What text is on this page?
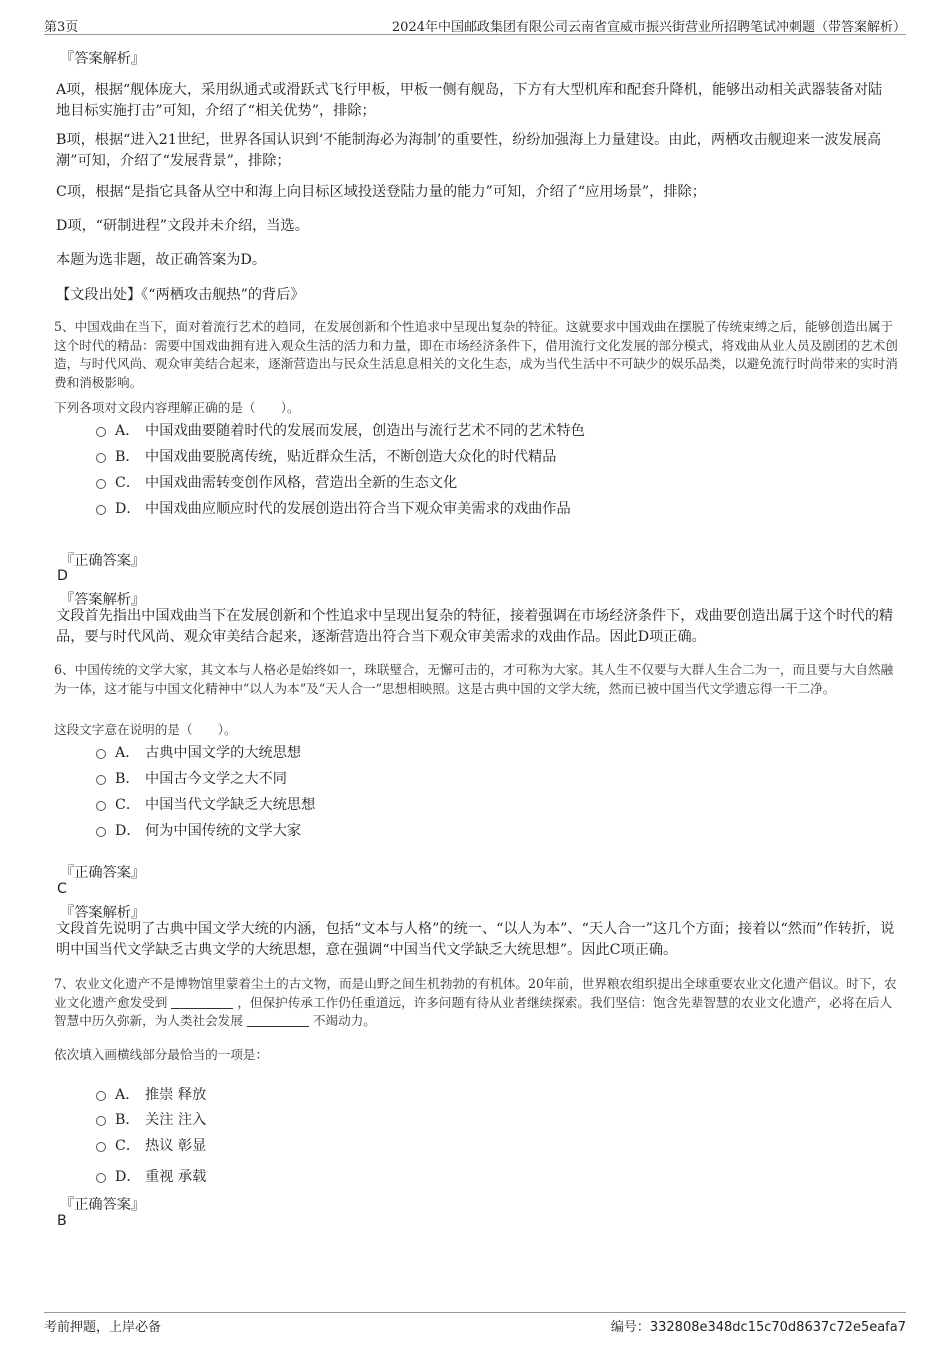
第3页	2024年中国邮政集团有限公司云南省宣威市振兴街营业所招聘笔试冲刺题（带答案解析）
『答案解析』
A项，根据“舰体庞大，采用纵通式或滑跃式飞行甲板，甲板一侧有舰岛，下方有大型机库和配套升降机，能够出动相关武器装备对陆地目标实施打击”可知，介绍了“相关优势”，排除；
B项，根据“进入21世纪，世界各国认识到‘不能制海必为海制’的重要性，纷纷加强海上力量建设。由此，两栖攻击舰迎来一波发展高潮”可知，介绍了“发展背景”，排除；
C项，根据“是指它具备从空中和海上向目标区域投送登陆力量的能力”可知，介绍了“应用场景”，排除；
D项，“研制进程”文段并未介绍，当选。
本题为选非题，故正确答案为D。
【文段出处】《“两栖攻击舰热”的背后》
5、中国戏曲在当下，面对着流行艺术的趋同，在发展创新和个性追求中呈现出复杂的特征。这就要求中国戏曲在摆脱了传统束缚之后，能够创造出属于这个时代的精品：需要中国戏曲拥有进入观众生活的活力和力量，即在市场经济条件下，借用流行文化发展的部分模式，将戏曲从业人员及剧团的艺术创造，与时代风尚、观众审美结合起来，逐渐营造出与民众生活息息相关的文化生态，成为当代生活中不可缺少的娱乐品类，以避免流行时尚带来的实时消费和消极影响。
下列各项对文段内容理解正确的是（　　）。
A． 中国戏曲要随着时代的发展而发展，创造出与流行艺术不同的艺术特色
B． 中国戏曲要脱离传统，贴近群众生活，不断创造大众化的时代精品
C． 中国戏曲需转变创作风格，营造出全新的生态文化
D． 中国戏曲应顺应时代的发展创造出符合当下观众审美需求的戏曲作品
『正确答案』
D
『答案解析』
文段首先指出中国戏曲当下在发展创新和个性追求中呈现出复杂的特征，接着强调在市场经济条件下，戏曲要创造出属于这个时代的精品，要与时代风尚、观众审美结合起来，逐渐营造出符合当下观众审美需求的戏曲作品。因此D项正确。
6、中国传统的文学大家，其文本与人格必是始终如一，珠联璧合，无懈可击的，才可称为大家。其人生不仅要与大群人生合二为一，而且要与大自然融为一体，这才能与中国文化精神中“以人为本”及“天人合一”思想相映照。这是古典中国的文学大统，然而已被中国当代文学遗忘得一干二净。
这段文字意在说明的是（　　）。
A． 古典中国文学的大统思想
B． 中国古今文学之大不同
C． 中国当代文学缺乏大统思想
D． 何为中国传统的文学大家
『正确答案』
C
『答案解析』
文段首先说明了古典中国文学大统的内涵，包括“文本与人格”的统一、“以人为本”、“天人合一”这几个方面；接着以“然而”作转折，说明中国当代文学缺乏古典文学的大统思想，意在强调“中国当代文学缺乏大统思想”。因此C项正确。
7、农业文化遗产不是博物馆里蒙着尘土的古文物，而是山野之间生机勃勃的有机体。20年前，世界粮农组织提出全球重要农业文化遗产倡议。时下，农业文化遗产愈发受到	，但保护传承工作仍任重道远，许多问题有待从业者继续探索。我们坚信：饱含先辈智慧的农业文化遗产，必将在后人智慧中历久弥新，为人类社会发展	不竭动力。
依次填入画横线部分最恰当的一项是：
A． 推崇 释放
B． 关注 注入
C． 热议 彰显
D． 重视 承载
『正确答案』
B
考前押题，上岸必备	编号：332808e348dc15c70d8637c72e5eafa7
